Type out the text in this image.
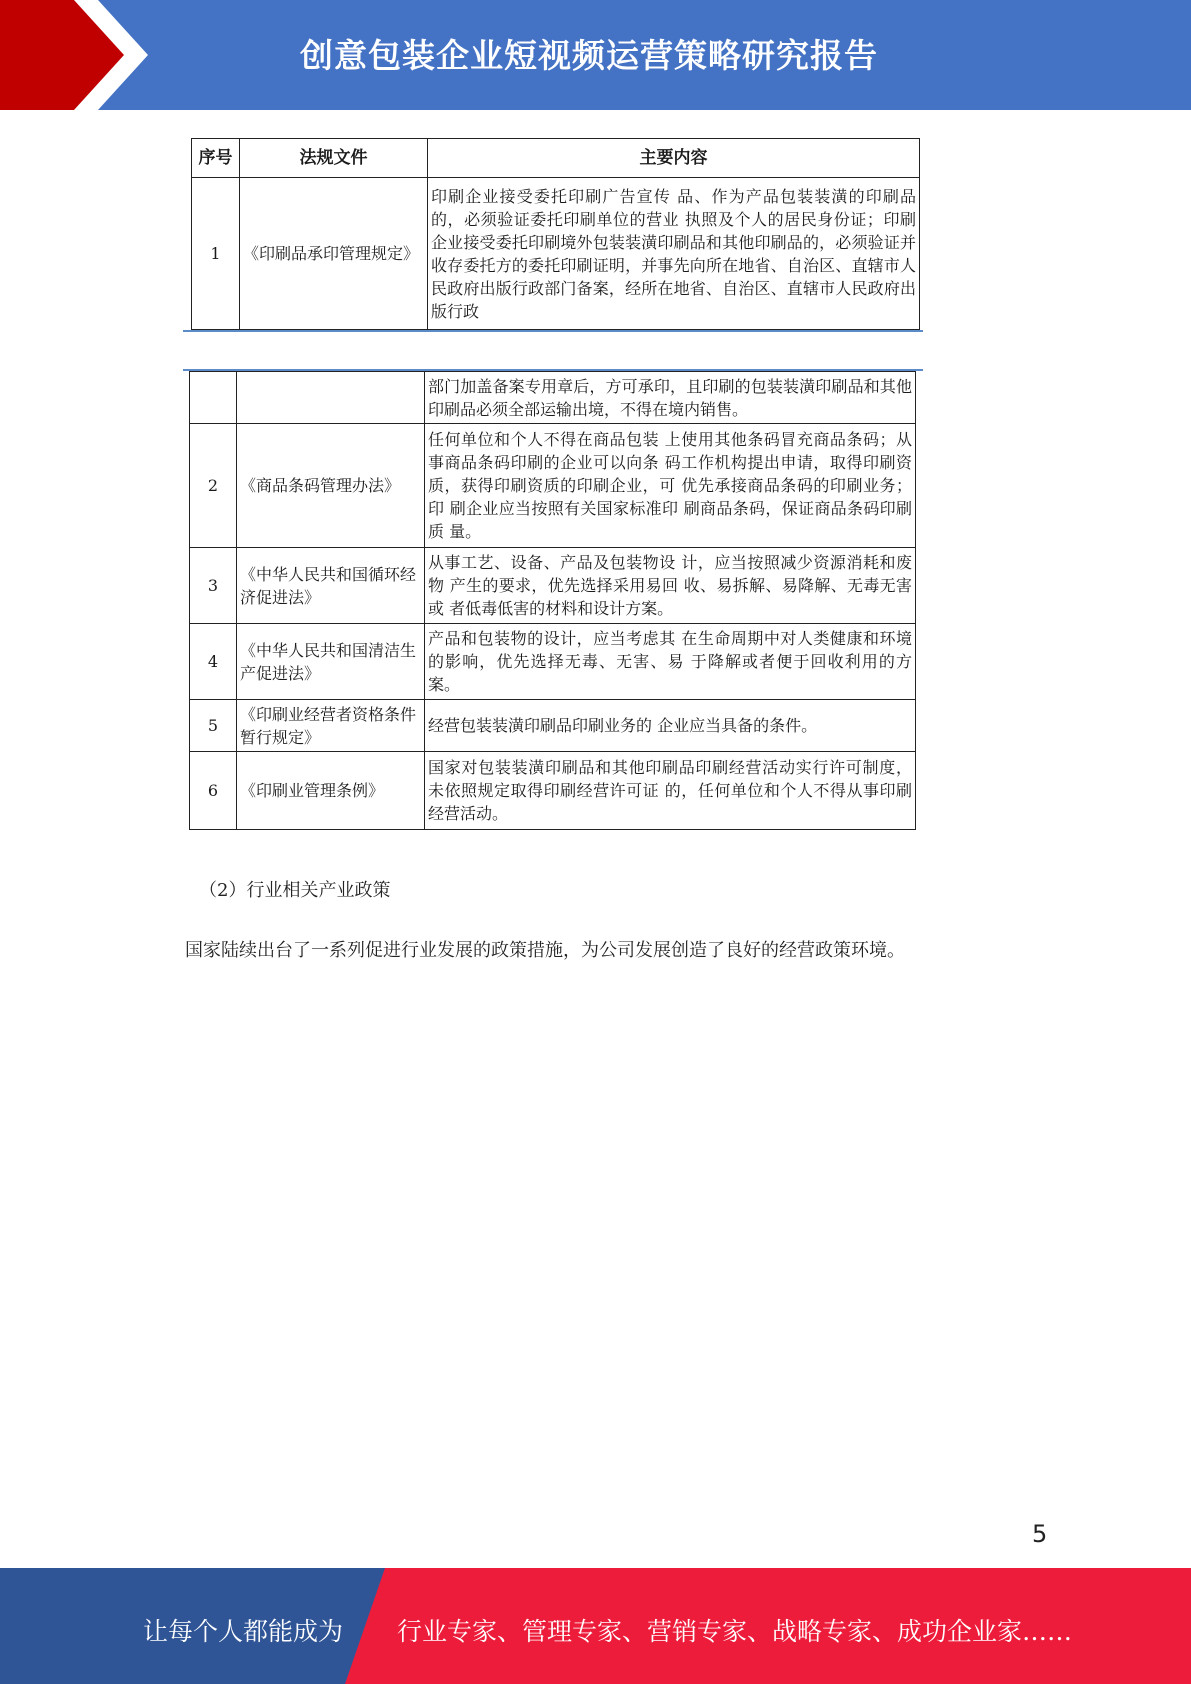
创意包装企业短视频运营策略研究报告
序号	法规文件	主要内容
1	《印刷品承印管理规定》	印刷企业接受委托印刷广告宣传 品、作为产品包装装潢的印刷品 的，必须验证委托印刷单位的营业 执照及个人的居民身份证；印刷企业接受委托印刷境外包装装潢印刷品和其他印刷品的，必须验证并收存委托方的委托印刷证明，并事先向所在地省、自治区、直辖市人民政府出版行政部门备案，经所在地省、自治区、直辖市人民政府出版行政
		部门加盖备案专用章后，方可承印，且印刷的包装装潢印刷品和其他印刷品必须全部运输出境，不得在境内销售。
2	《商品条码管理办法》	任何单位和个人不得在商品包装 上使用其他条码冒充商品条码；从 事商品条码印刷的企业可以向条 码工作机构提出申请，取得印刷资 质，获得印刷资质的印刷企业，可 优先承接商品条码的印刷业务；印 刷企业应当按照有关国家标准印 刷商品条码，保证商品条码印刷质 量。
3	《中华人民共和国循环经济促进法》	从事工艺、设备、产品及包装物设 计，应当按照减少资源消耗和废物 产生的要求，优先选择采用易回 收、易拆解、易降解、无毒无害或 者低毒低害的材料和设计方案。
4	《中华人民共和国清洁生产促进法》	产品和包装物的设计，应当考虑其 在生命周期中对人类健康和环境 的影响，优先选择无毒、无害、易 于降解或者便于回收利用的方案。
5	《印刷业经营者资格条件暂行规定》	经营包装装潢印刷品印刷业务的 企业应当具备的条件。
6	《印刷业管理条例》	国家对包装装潢印刷品和其他印刷品印刷经营活动实行许可制度， 未依照规定取得印刷经营许可证 的，任何单位和个人不得从事印刷 经营活动。
（2）行业相关产业政策
国家陆续出台了一系列促进行业发展的政策措施，为公司发展创造了良好的经营政策环境。
5
让每个人都能成为 行业专家、管理专家、营销专家、战略专家、成功企业家……
